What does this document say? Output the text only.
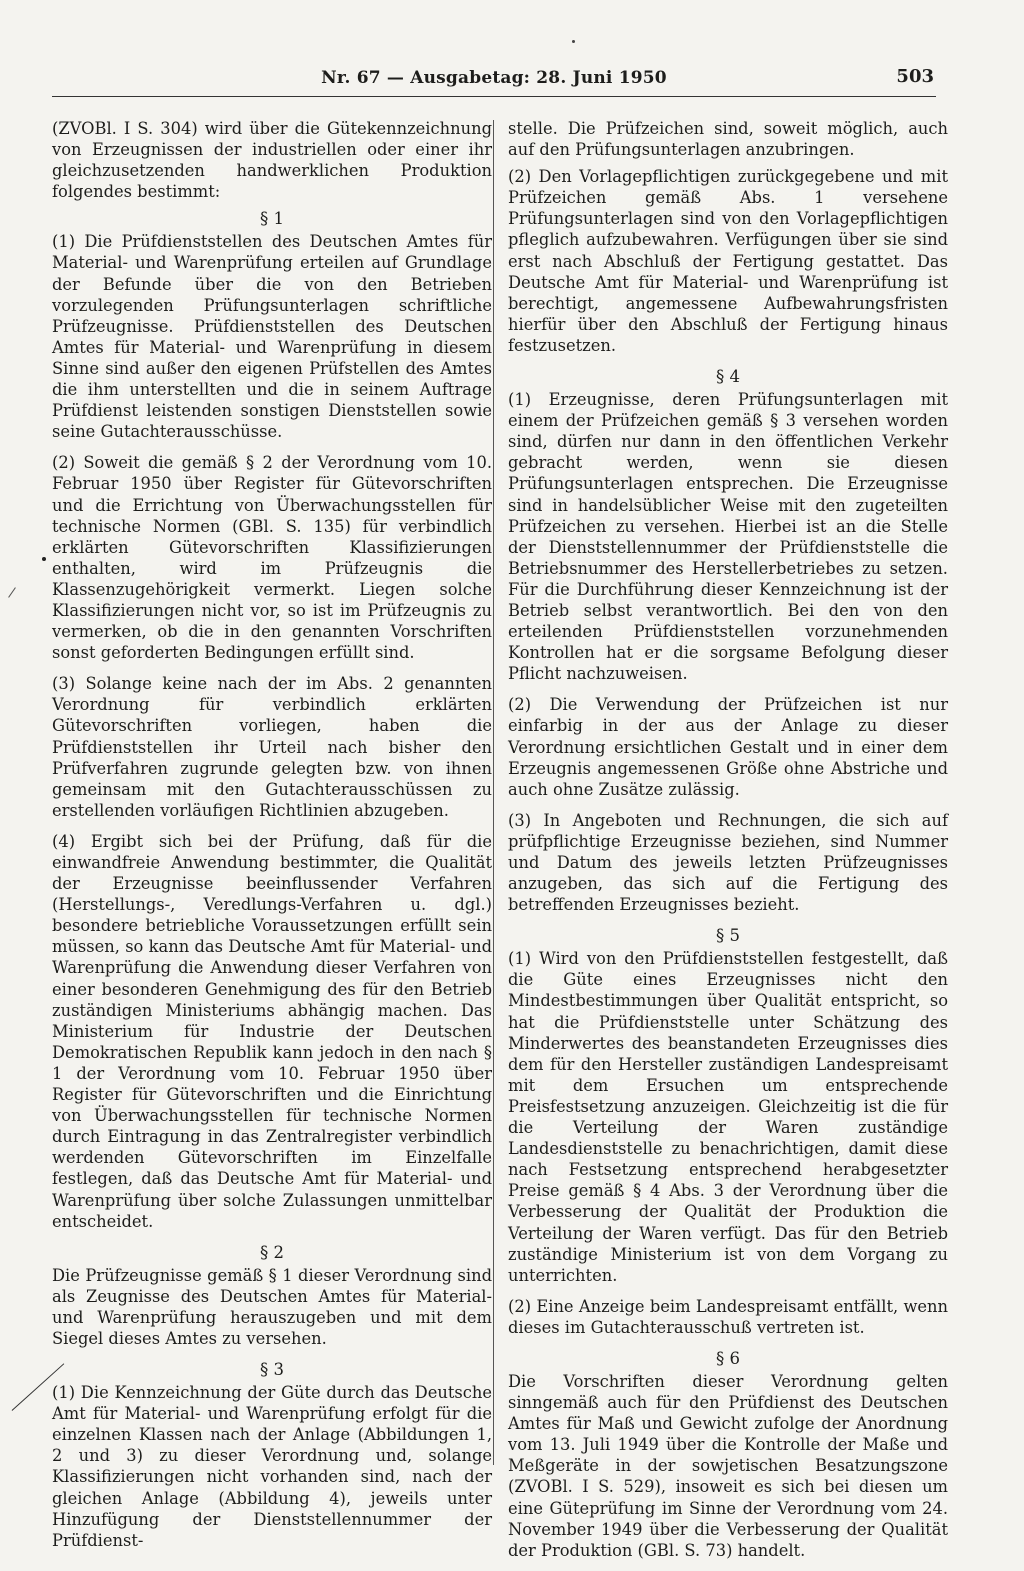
Nr. 67 — Ausgabetag: 28. Juni 1950	503

(ZVOBl. I S. 304) wird über die Gütekennzeichnung von Erzeugnissen der industriellen oder einer ihr gleichzusetzenden handwerklichen Produktion folgendes bestimmt:

§ 1

(1) Die Prüfdienststellen des Deutschen Amtes für Material- und Warenprüfung erteilen auf Grundlage der Befunde über die von den Betrieben vorzulegenden Prüfungsunterlagen schriftliche Prüfzeugnisse. Prüfdienststellen des Deutschen Amtes für Material- und Warenprüfung in diesem Sinne sind außer den eigenen Prüfstellen des Amtes die ihm unterstellten und die in seinem Auftrage Prüfdienst leistenden sonstigen Dienststellen sowie seine Gutachterausschüsse.

(2) Soweit die gemäß § 2 der Verordnung vom 10. Februar 1950 über Register für Gütevorschriften und die Errichtung von Überwachungsstellen für technische Normen (GBl. S. 135) für verbindlich erklärten Gütevorschriften Klassifizierungen enthalten, wird im Prüfzeugnis die Klassenzugehörigkeit vermerkt. Liegen solche Klassifizierungen nicht vor, so ist im Prüfzeugnis zu vermerken, ob die in den genannten Vorschriften sonst geforderten Bedingungen erfüllt sind.

(3) Solange keine nach der im Abs. 2 genannten Verordnung für verbindlich erklärten Gütevorschriften vorliegen, haben die Prüfdienststellen ihr Urteil nach bisher den Prüfverfahren zugrunde gelegten bzw. von ihnen gemeinsam mit den Gutachterausschüssen zu erstellenden vorläufigen Richtlinien abzugeben.

(4) Ergibt sich bei der Prüfung, daß für die einwandfreie Anwendung bestimmter, die Qualität der Erzeugnisse beeinflussender Verfahren (Herstellungs-, Veredlungs-Verfahren u. dgl.) besondere betriebliche Voraussetzungen erfüllt sein müssen, so kann das Deutsche Amt für Material- und Warenprüfung die Anwendung dieser Verfahren von einer besonderen Genehmigung des für den Betrieb zuständigen Ministeriums abhängig machen. Das Ministerium für Industrie der Deutschen Demokratischen Republik kann jedoch in den nach § 1 der Verordnung vom 10. Februar 1950 über Register für Gütevorschriften und die Einrichtung von Überwachungsstellen für technische Normen durch Eintragung in das Zentralregister verbindlich werdenden Gütevorschriften im Einzelfalle festlegen, daß das Deutsche Amt für Material- und Warenprüfung über solche Zulassungen unmittelbar entscheidet.

§ 2

Die Prüfzeugnisse gemäß § 1 dieser Verordnung sind als Zeugnisse des Deutschen Amtes für Material- und Warenprüfung herauszugeben und mit dem Siegel dieses Amtes zu versehen.

§ 3

(1) Die Kennzeichnung der Güte durch das Deutsche Amt für Material- und Warenprüfung erfolgt für die einzelnen Klassen nach der Anlage (Abbildungen 1, 2 und 3) zu dieser Verordnung und, solange Klassifizierungen nicht vorhanden sind, nach der gleichen Anlage (Abbildung 4), jeweils unter Hinzufügung der Dienststellennummer der Prüfdienst-

stelle. Die Prüfzeichen sind, soweit möglich, auch auf den Prüfungsunterlagen anzubringen.

(2) Den Vorlagepflichtigen zurückgegebene und mit Prüfzeichen gemäß Abs. 1 versehene Prüfungsunterlagen sind von den Vorlagepflichtigen pfleglich aufzubewahren. Verfügungen über sie sind erst nach Abschluß der Fertigung gestattet. Das Deutsche Amt für Material- und Warenprüfung ist berechtigt, angemessene Aufbewahrungsfristen hierfür über den Abschluß der Fertigung hinaus festzusetzen.

§ 4

(1) Erzeugnisse, deren Prüfungsunterlagen mit einem der Prüfzeichen gemäß § 3 versehen worden sind, dürfen nur dann in den öffentlichen Verkehr gebracht werden, wenn sie diesen Prüfungsunterlagen entsprechen. Die Erzeugnisse sind in handelsüblicher Weise mit den zugeteilten Prüfzeichen zu versehen. Hierbei ist an die Stelle der Dienststellennummer der Prüfdienststelle die Betriebsnummer des Herstellerbetriebes zu setzen. Für die Durchführung dieser Kennzeichnung ist der Betrieb selbst verantwortlich. Bei den von den erteilenden Prüfdienststellen vorzunehmenden Kontrollen hat er die sorgsame Befolgung dieser Pflicht nachzuweisen.

(2) Die Verwendung der Prüfzeichen ist nur einfarbig in der aus der Anlage zu dieser Verordnung ersichtlichen Gestalt und in einer dem Erzeugnis angemessenen Größe ohne Abstriche und auch ohne Zusätze zulässig.

(3) In Angeboten und Rechnungen, die sich auf prüfpflichtige Erzeugnisse beziehen, sind Nummer und Datum des jeweils letzten Prüfzeugnisses anzugeben, das sich auf die Fertigung des betreffenden Erzeugnisses bezieht.

§ 5

(1) Wird von den Prüfdienststellen festgestellt, daß die Güte eines Erzeugnisses nicht den Mindestbestimmungen über Qualität entspricht, so hat die Prüfdienststelle unter Schätzung des Minderwertes des beanstandeten Erzeugnisses dies dem für den Hersteller zuständigen Landespreisamt mit dem Ersuchen um entsprechende Preisfestsetzung anzuzeigen. Gleichzeitig ist die für die Verteilung der Waren zuständige Landesdienststelle zu benachrichtigen, damit diese nach Festsetzung entsprechend herabgesetzter Preise gemäß § 4 Abs. 3 der Verordnung über die Verbesserung der Qualität der Produktion die Verteilung der Waren verfügt. Das für den Betrieb zuständige Ministerium ist von dem Vorgang zu unterrichten.

(2) Eine Anzeige beim Landespreisamt entfällt, wenn dieses im Gutachterausschuß vertreten ist.

§ 6

Die Vorschriften dieser Verordnung gelten sinngemäß auch für den Prüfdienst des Deutschen Amtes für Maß und Gewicht zufolge der Anordnung vom 13. Juli 1949 über die Kontrolle der Maße und Meßgeräte in der sowjetischen Besatzungszone (ZVOBl. I S. 529), insoweit es sich bei diesen um eine Güteprüfung im Sinne der Verordnung vom 24. November 1949 über die Verbesserung der Qualität der Produktion (GBl. S. 73) handelt.
